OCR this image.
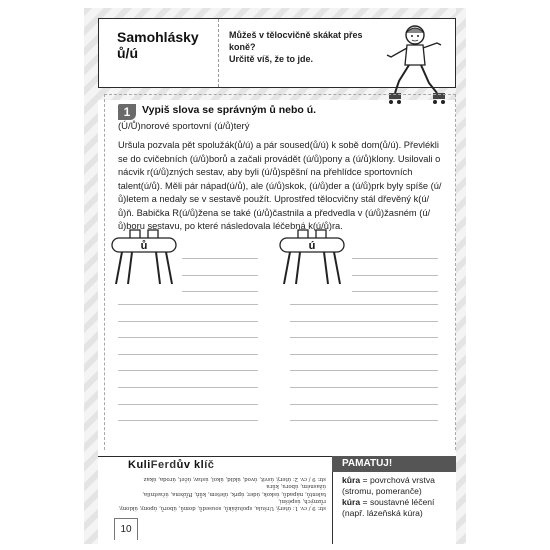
Samohlásky
ů/ú
Můžeš v tělocvičně skákat přes koně?
Určitě víš, že to jde.
1	Vypiš slova se správným ů nebo ú.
(Ú/Ů)norové sportovní (ú/ů)terý
Uršula pozvala pět spolužák(ů/ú) a pár soused(ů/ú) k sobě dom(ů/ú). Převlékli se do cvičebních (ú/ů)borů a začali provádět (ú/ů)pony a (ú/ů)klony. Usilovali o nácvik r(ú/ů)zných sestav, aby byli (ú/ů)spěšní na přehlídce sportovních talent(ú/ů). Měli pár nápad(ú/ů), ale (ú/ů)skok, (ú/ů)der a (ú/ů)prk byly spíše (ú/ů)letem a nedaly se v sestavě použít. Uprostřed tělocvičny stál dřevěný k(ú/ů)ň. Babička R(ú/ů)žena se také (ú/ů)častnila a předvedla v (ú/ů)žasném (ú/ů)boru sestavu, po které následovala léčebná k(ú/ů)ra.
ů	ú
KuliFerdův klíč
str. 9 / cv. 1: úterý, Uršula, spolužáků, sousedů, domů, úborů, úpony, úklony, různých, úspěšní,
talentů, nápadů, úskok, úder, úprk, úletem, kůň, Růžena, účastnila, úžasném, úboru, kůra
str. 9 / cv. 2: úterý, úsvit, úvod, úklid, úkol, ústav, účet, úroda, úkaz
PAMATUJ!
kůra = povrchová vrstva (stromu, pomeranče)
kúra = soustavné léčení (např. lázeňská kúra)
10
